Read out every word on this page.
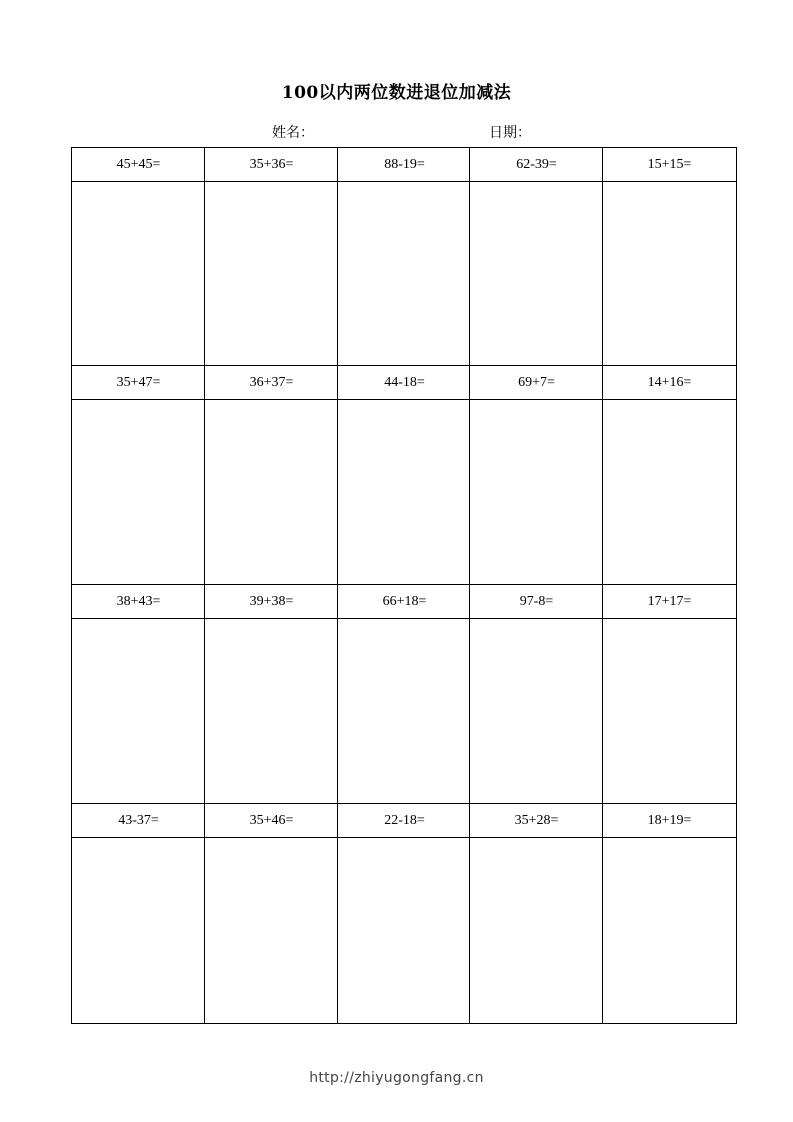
100以内两位数进退位加减法
姓名：	日期：
45+45=	35+36=	88-19=	62-39=	15+15=
35+47=	36+37=	44-18=	69+7=	14+16=
38+43=	39+38=	66+18=	97-8=	17+17=
43-37=	35+46=	22-18=	35+28=	18+19=
http://zhiyugongfang.cn
